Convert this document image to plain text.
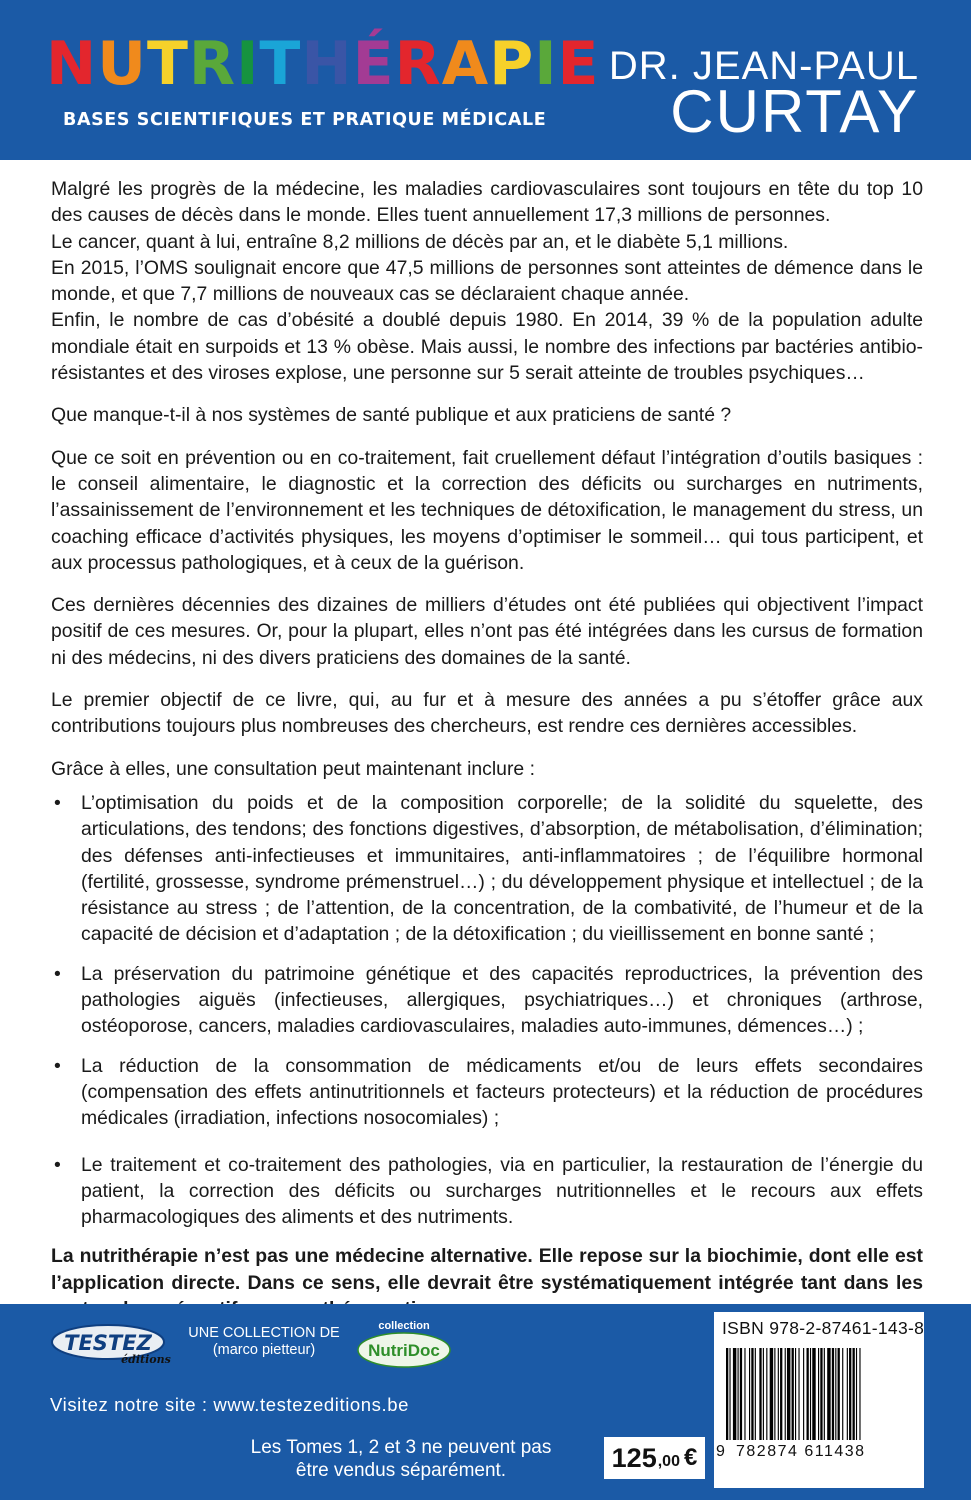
NUTRITHÉRAPIE
BASES SCIENTIFIQUES ET PRATIQUE MÉDICALE
DR. JEAN-PAUL
CURTAY

Malgré les progrès de la médecine, les maladies cardiovasculaires sont toujours en tête du top 10 des causes de décès dans le monde. Elles tuent annuellement 17,3 millions de personnes.

Le cancer, quant à lui, entraîne 8,2 millions de décès par an, et le diabète 5,1 millions.

En 2015, l’OMS soulignait encore que 47,5 millions de personnes sont atteintes de démence dans le monde, et que 7,7 millions de nouveaux cas se déclaraient chaque année.

Enfin, le nombre de cas d’obésité a doublé depuis 1980. En 2014, 39 % de la population adulte mondiale était en surpoids et 13 % obèse. Mais aussi, le nombre des infections par bactéries antibio-résistantes et des viroses explose, une personne sur 5 serait atteinte de troubles psychiques…

Que manque-t-il à nos systèmes de santé publique et aux praticiens de santé ?

Que ce soit en prévention ou en co-traitement, fait cruellement défaut l’intégration d’outils basiques : le conseil alimentaire, le diagnostic et la correction des déficits ou surcharges en nutriments, l’assainissement de l’environnement et les techniques de détoxification, le management du stress, un coaching efficace d’activités physiques, les moyens d’optimiser le sommeil… qui tous participent, et aux processus pathologiques, et à ceux de la guérison.

Ces dernières décennies des dizaines de milliers d’études ont été publiées qui objectivent l’impact positif de ces mesures. Or, pour la plupart, elles n’ont pas été intégrées dans les cursus de formation ni des médecins, ni des divers praticiens des domaines de la santé.

Le premier objectif de ce livre, qui, au fur et à mesure des années a pu s’étoffer grâce aux contributions toujours plus nombreuses des chercheurs, est rendre ces dernières accessibles.

Grâce à elles, une consultation peut maintenant inclure :

• L’optimisation du poids et de la composition corporelle; de la solidité du squelette, des articulations, des tendons; des fonctions digestives, d’absorption, de métabolisation, d’élimination; des défenses anti-infectieuses et immunitaires, anti-inflammatoires ; de l’équilibre hormonal (fertilité, grossesse, syndrome prémenstruel…) ; du développement physique et intellectuel ; de la résistance au stress ; de l’attention, de la concentration, de la combativité, de l’humeur et de la capacité de décision et d’adaptation ; de la détoxification ; du vieillissement en bonne santé ;
• La préservation du patrimoine génétique et des capacités reproductrices, la prévention des pathologies aiguës (infectieuses, allergiques, psychiatriques…) et chroniques (arthrose, ostéoporose, cancers, maladies cardiovasculaires, maladies auto-immunes, démences…) ;
• La réduction de la consommation de médicaments et/ou de leurs effets secondaires (compensation des effets antinutritionnels et facteurs protecteurs) et la réduction de procédures médicales (irradiation, infections nosocomiales) ;
• Le traitement et co-traitement des pathologies, via en particulier, la restauration de l’énergie du patient, la correction des déficits ou surcharges nutritionnelles et le recours aux effets pharmacologiques des aliments et des nutriments.

La nutrithérapie n’est pas une médecine alternative. Elle repose sur la biochimie, dont elle est l’application directe. Dans ce sens, elle devrait être systématiquement intégrée tant dans les

TESTEZ
éditions
UNE COLLECTION DE
(marco pietteur)
collection
NutriDoc
Visitez notre site : www.testezeditions.be
Les Tomes 1, 2 et 3 ne peuvent pas
être vendus séparément.	125 ,00 €
ISBN 978-2-87461-143-8
9 782874 611438
